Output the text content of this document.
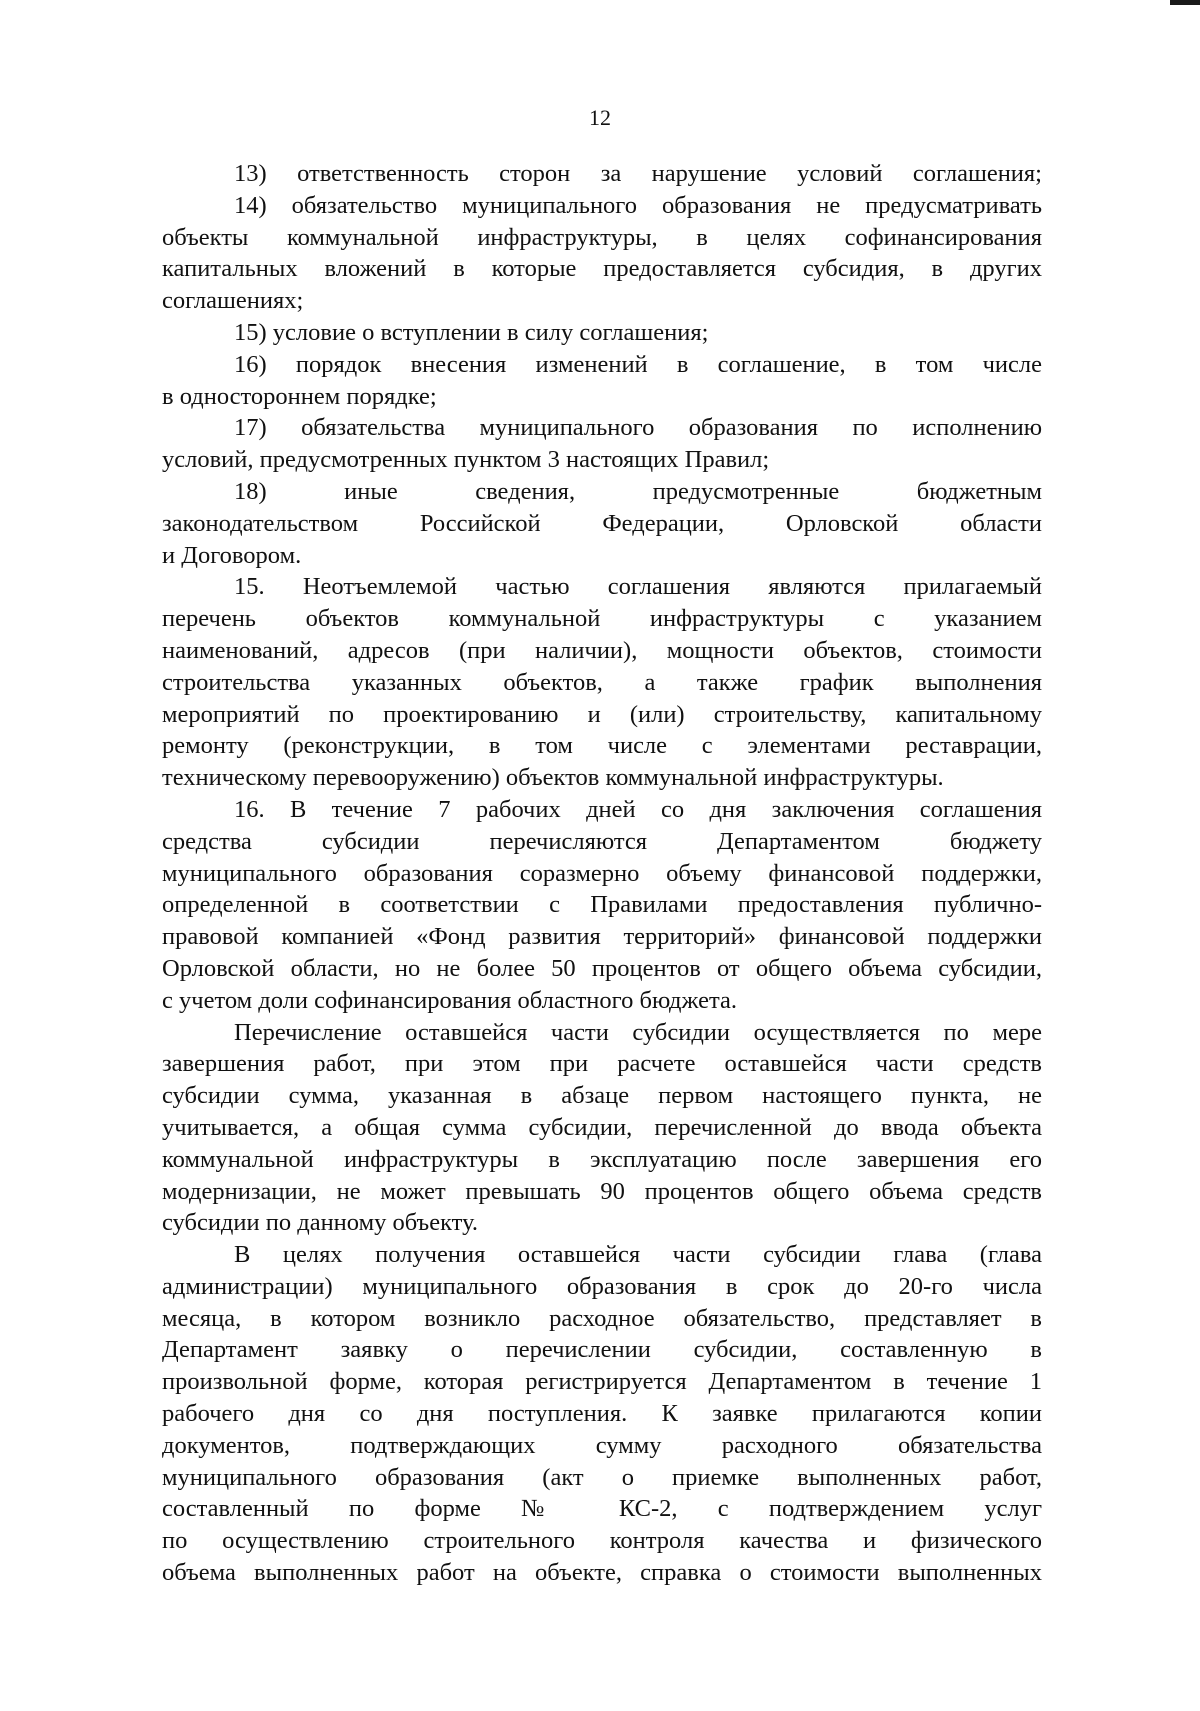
12

13) ответственность сторон за нарушение условий соглашения;

14) обязательство муниципального образования не предусматривать

объекты коммунальной инфраструктуры, в целях софинансирования

капитальных вложений в которые предоставляется субсидия, в других

соглашениях;

15) условие о вступлении в силу соглашения;

16) порядок внесения изменений в соглашение, в том числе

в одностороннем порядке;

17) обязательства муниципального образования по исполнению

условий, предусмотренных пунктом 3 настоящих Правил;

18) иные сведения, предусмотренные бюджетным

законодательством Российской Федерации, Орловской области

и Договором.

15. Неотъемлемой частью соглашения являются прилагаемый

перечень объектов коммунальной инфраструктуры с указанием

наименований, адресов (при наличии), мощности объектов, стоимости

строительства указанных объектов, а также график выполнения

мероприятий по проектированию и (или) строительству, капитальному

ремонту (реконструкции, в том числе с элементами реставрации,

техническому перевооружению) объектов коммунальной инфраструктуры.

16. В течение 7 рабочих дней со дня заключения соглашения

средства субсидии перечисляются Департаментом бюджету

муниципального образования соразмерно объему финансовой поддержки,

определенной в соответствии с Правилами предоставления публично-

правовой компанией «Фонд развития территорий» финансовой поддержки

Орловской области, но не более 50 процентов от общего объема субсидии,

с учетом доли софинансирования областного бюджета.

Перечисление оставшейся части субсидии осуществляется по мере

завершения работ, при этом при расчете оставшейся части средств

субсидии сумма, указанная в абзаце первом настоящего пункта, не

учитывается, а общая сумма субсидии, перечисленной до ввода объекта

коммунальной инфраструктуры в эксплуатацию после завершения его

модернизации, не может превышать 90 процентов общего объема средств

субсидии по данному объекту.

В целях получения оставшейся части субсидии глава (глава

администрации) муниципального образования в срок до 20-го числа

месяца, в котором возникло расходное обязательство, представляет в

Департамент заявку о перечислении субсидии, составленную в

произвольной форме, которая регистрируется Департаментом в течение 1

рабочего дня со дня поступления. К заявке прилагаются копии

документов, подтверждающих сумму расходного обязательства

муниципального образования (акт о приемке выполненных работ,

составленный по форме № КС-2, с подтверждением услуг

по осуществлению строительного контроля качества и физического

объема выполненных работ на объекте, справка о стоимости выполненных
